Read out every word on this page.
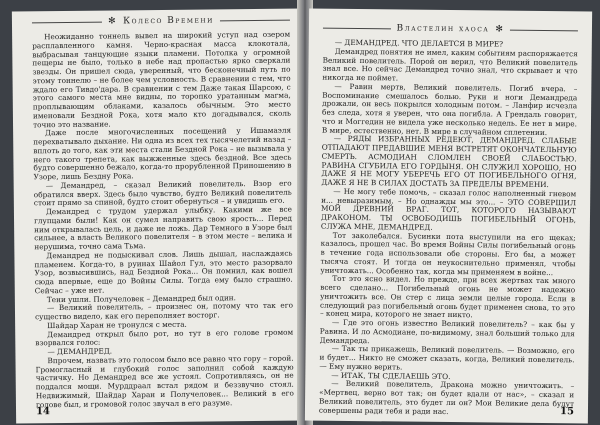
✻ Колесо Времени

Неожиданно тоннель вывел на широкий уступ над озером расплавленного камня. Черно-красная масса клокотала, выбрасывая танцующие языки пламени. Потолка у огромной пещеры не было, только в небе над пропастью ярко сверкали звезды. Он пришел сюда, уверенный, что бесконечный путь по этому тоннелю – не более чем условность. В сравнении с тем, что ждало его Тивдо'дара. В сравнении с тем Даже такая Шарсою, с этого самого места мне видны, по торопко уратанным магма, проплывающим облаками, казалось обычным. Это место именовали Бездной Рока, хотя мало кто догадывался, сколь точно это название.

Даже после многочисленных посещений у Ишамаэля перехватывало дыхание. Ни одна из всех тех тысячелетий назад – вплоть до того, как эти места стали Бездной Рока – не вызывала у него такого трепета, как выжженные здесь бездной. Все здесь будто совершенно бежало, когда-то прорубленной Приношению в Узоре, лишь Бездну Рока.

— Демандред, – сказал Великий повелитель. Взор его обратился вверх. Здесь было чувство, будто Великий повелитель стоит прямо за спиной, будто стоит обернуться – и увидишь его.

Демандред с трудом удержал улыбку. Какими же все глупцами были! Как он сумел направить свою ярость... Перед ним открывалась цель, и даже не ложь. Дар Темного в Узоре был сильнее, а власть Великого повелителя – в этом месте – велика и нерушима, точно сама Тьма.

Демандред не подыскивал слов. Лишь дышал, наслаждаясь пламенем. Когда-то, в руинах Шайол Гул, это место разорвало Узор, возвысившись, над Бездной Рока... Он помнил, как вошел сюда впервые, еще до Войны Силы. Тогда ему было страшно. Сейчас – уже нет.

Тени ушли. Получеловек – Демандред был один.

— Великий повелитель, – произнес он, потому что так его существо видело, как его переполняет восторг.

Шайдар Харан не тронулся с места.

Демандред открыл было рот, но тут в его голове громом взорвался голос:

— ДЕМАНДРЕД.

Впрочем, назвать это голосом было все равно что гору – горой. Громогласный и глубокий голос заполнил собой каждую частичку. Но Демандред все же устоял. Сопротивляясь, он не поддался мощи. Мурддраал встал рядом и беззвучно стоял. Недвижимый, Шайдар Харан и Получеловек... Великий в его голове был, и громовой голос звучал в его разуме.

14
Властелин хаоса ✻

— ДЕМАНДРЕД. ЧТО ДЕЛАЕТСЯ В МИРЕ?

Демандред понятия не имел, каким событиям распоряжается Великий повелитель. Порой он верил, что Великий повелитель знал все. Но сейчас Демандред точно знал, что скрывает и что никогда не поймет.

— Равин мертв, Великий повелитель. Погиб вчера. – Воспоминание смешалось болью. Руки и ноги Демандреда дрожали, он весь покрылся холодным потом. – Ланфир исчезла без следа, хотя я уверен, что она погибла. А Грендаль говорит, что и Моггедин не видела уже несколько недель. Ее нет в мире. В мире, естественно, нет. В мире в случайном сплетении.

— РЯДЫ ИЗБРАННЫХ РЕДЕЮТ, ДЕМАНДРЕД. СЛАБЫЕ ОТПАДАЮТ ПРЕДАВШИЕ МЕНЯ ВСТРЕТЯТ ОКОНЧАТЕЛЬНУЮ СМЕРТЬ. АСМОДИАН СЛОМЛЕН СВОЕЙ СЛАБОСТЬЮ. РАВИНА СГУБИЛА ЕГО ГОРДЫНЯ. ОН СЛУЖИЛ ХОРОШО, НО ДАЖЕ Я НЕ МОГУ УБЕРЕЧЬ ЕГО ОТ ПОГИБЕЛЬНОГО ОГНЯ, ДАЖЕ Я НЕ В СИЛАХ ДОСТАТЬ ЗА ПРЕДЕЛЫ ВРЕМЕНИ.

— Не могу тебе помочь, – сказал голос наполненный гневом и... невыразимым. – Но однажды мы это... – ЭТО СОВЕРШИЛ МОЙ ДРЕВНИЙ ВРАГ. ТОТ, КОТОРОГО НАЗЫВАЮТ ДРАКОНОМ. ТЫ ОСВОБОДИШЬ ПОГИБЕЛЬНЫЙ ОГОНЬ, СЛУЖА МНЕ, ДЕМАНДРЕД.

Тот заколебался. Бусинки пота выступили на его щеках; казалось, прошел час. Во время Войны Силы погибельный огонь в течение года использовали обе стороны. Его бы, а может тысяча стоят. И тогда он неукоснительно применял, чтобы уничтожать... Особенно так, когда мы применяем в войне...

Тот это ясно видел. Но прежде, при всех жертвах так много всего сделано... Погибельный огонь не может надежно уничтожить все. Он стер с лица земли целые города. Если в следующий раз погибельный огонь будет применен снова, то это – конец мира, которого не знает никто.

— Где это огонь известно Великий повелитель? – как бы у Равина. И ло Асмодиане, по-видимому, знал больший только для Демандреда.

— Так ты прикажешь, Великий повелитель. — Возможно, его и будет... Никто не сможет сказать, когда, Великий повелитель. — Ему нужно верить.

— ИТАК, ТЫ СДЕЛАЕШЬ ЭТО.

— Великий повелитель, Дракона можно уничтожить. – «Мертвец, верно вот так; он будет вдали от нас», – сказал и Великий повелитель, это будет ли он? Мои Великие дела будут совершены ради тебя и ради нас.	15
